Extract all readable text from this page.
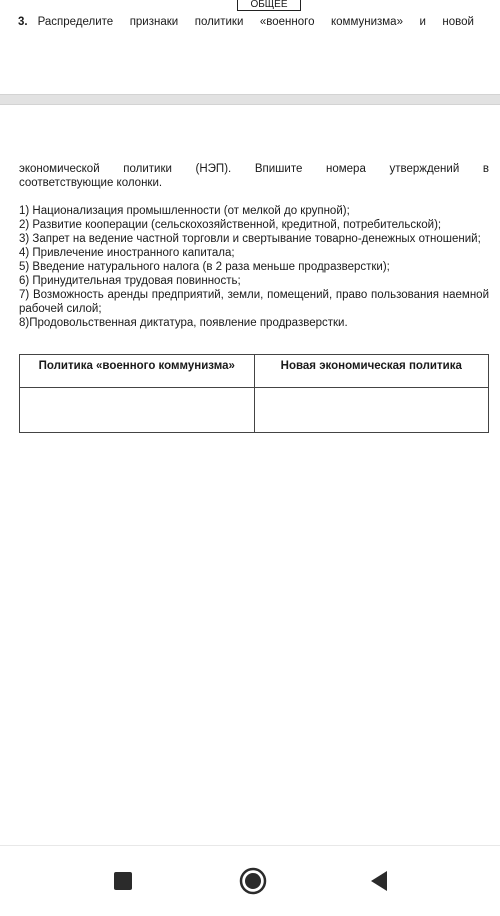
ОБЩЕЕ
3. Распределите признаки политики «военного коммунизма» и новой
экономической политики (НЭП). Впишите номера утверждений в
соответствующие колонки.
1) Национализация промышленности (от мелкой до крупной);
2) Развитие кооперации (сельскохозяйственной, кредитной, потребительской);
3) Запрет на ведение частной торговли и свертывание товарно-денежных отношений;
4) Привлечение иностранного капитала;
5) Введение натурального налога (в 2 раза меньше продразверстки);
6) Принудительная трудовая повинность;
7) Возможность аренды предприятий, земли, помещений, право пользования наемной рабочей силой;
8)Продовольственная диктатура, появление продразверстки.
Политика «военного коммунизма»	Новая экономическая политика
